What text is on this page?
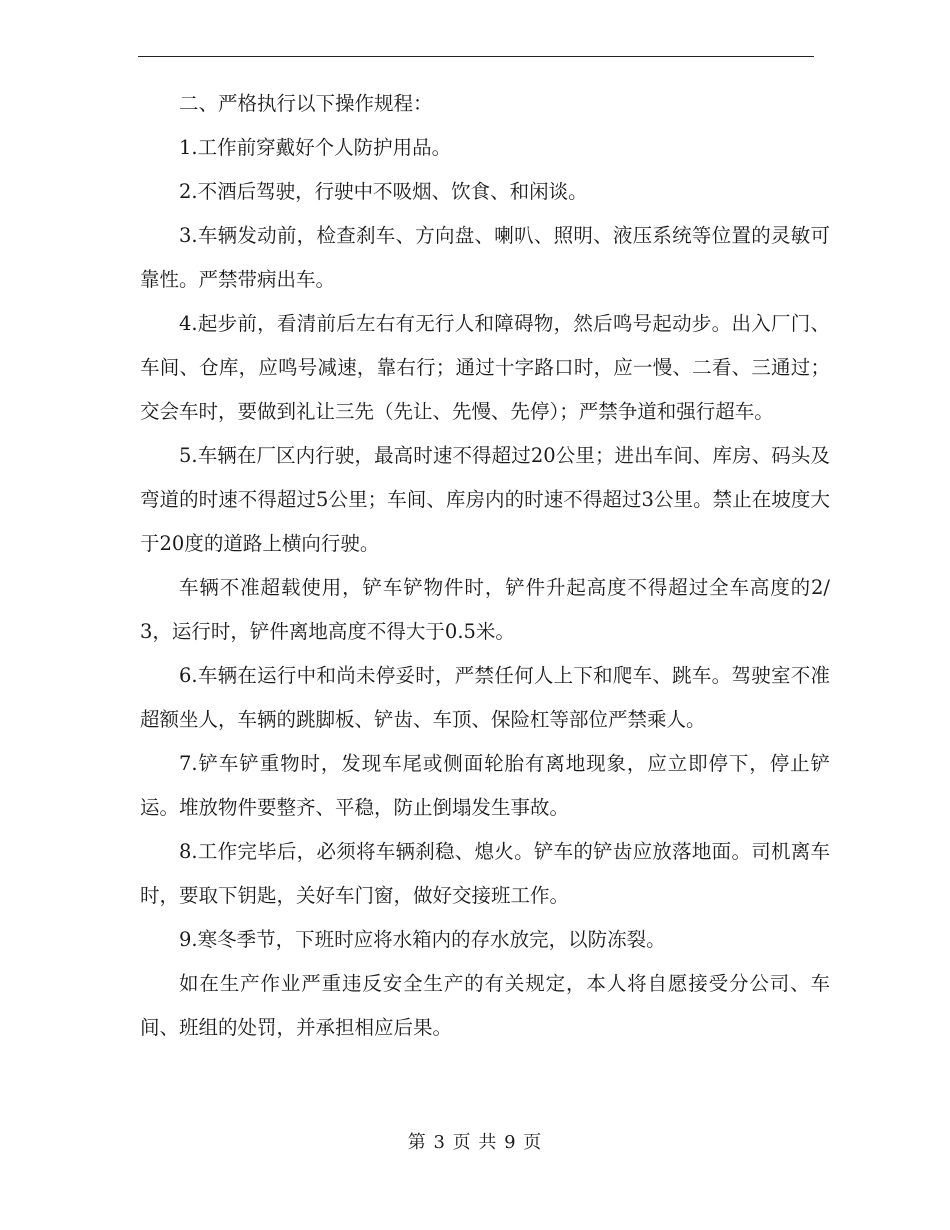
二、严格执行以下操作规程：

1.工作前穿戴好个人防护用品。

2.不酒后驾驶，行驶中不吸烟、饮食、和闲谈。

3.车辆发动前，检查刹车、方向盘、喇叭、照明、液压系统等位置的灵敏可靠性。严禁带病出车。

4.起步前，看清前后左右有无行人和障碍物，然后鸣号起动步。出入厂门、车间、仓库，应鸣号减速，靠右行；通过十字路口时，应一慢、二看、三通过；交会车时，要做到礼让三先（先让、先慢、先停）；严禁争道和强行超车。

5.车辆在厂区内行驶，最高时速不得超过20公里；进出车间、库房、码头及弯道的时速不得超过5公里；车间、库房内的时速不得超过3公里。禁止在坡度大于20度的道路上横向行驶。

车辆不准超载使用，铲车铲物件时，铲件升起高度不得超过全车高度的2/3，运行时，铲件离地高度不得大于0.5米。

6.车辆在运行中和尚未停妥时，严禁任何人上下和爬车、跳车。驾驶室不准超额坐人，车辆的跳脚板、铲齿、车顶、保险杠等部位严禁乘人。

7.铲车铲重物时，发现车尾或侧面轮胎有离地现象，应立即停下，停止铲运。堆放物件要整齐、平稳，防止倒塌发生事故。

8.工作完毕后，必须将车辆刹稳、熄火。铲车的铲齿应放落地面。司机离车时，要取下钥匙，关好车门窗，做好交接班工作。

9.寒冬季节，下班时应将水箱内的存水放完，以防冻裂。

如在生产作业严重违反安全生产的有关规定，本人将自愿接受分公司、车间、班组的处罚，并承担相应后果。

第 3 页 共 9 页
